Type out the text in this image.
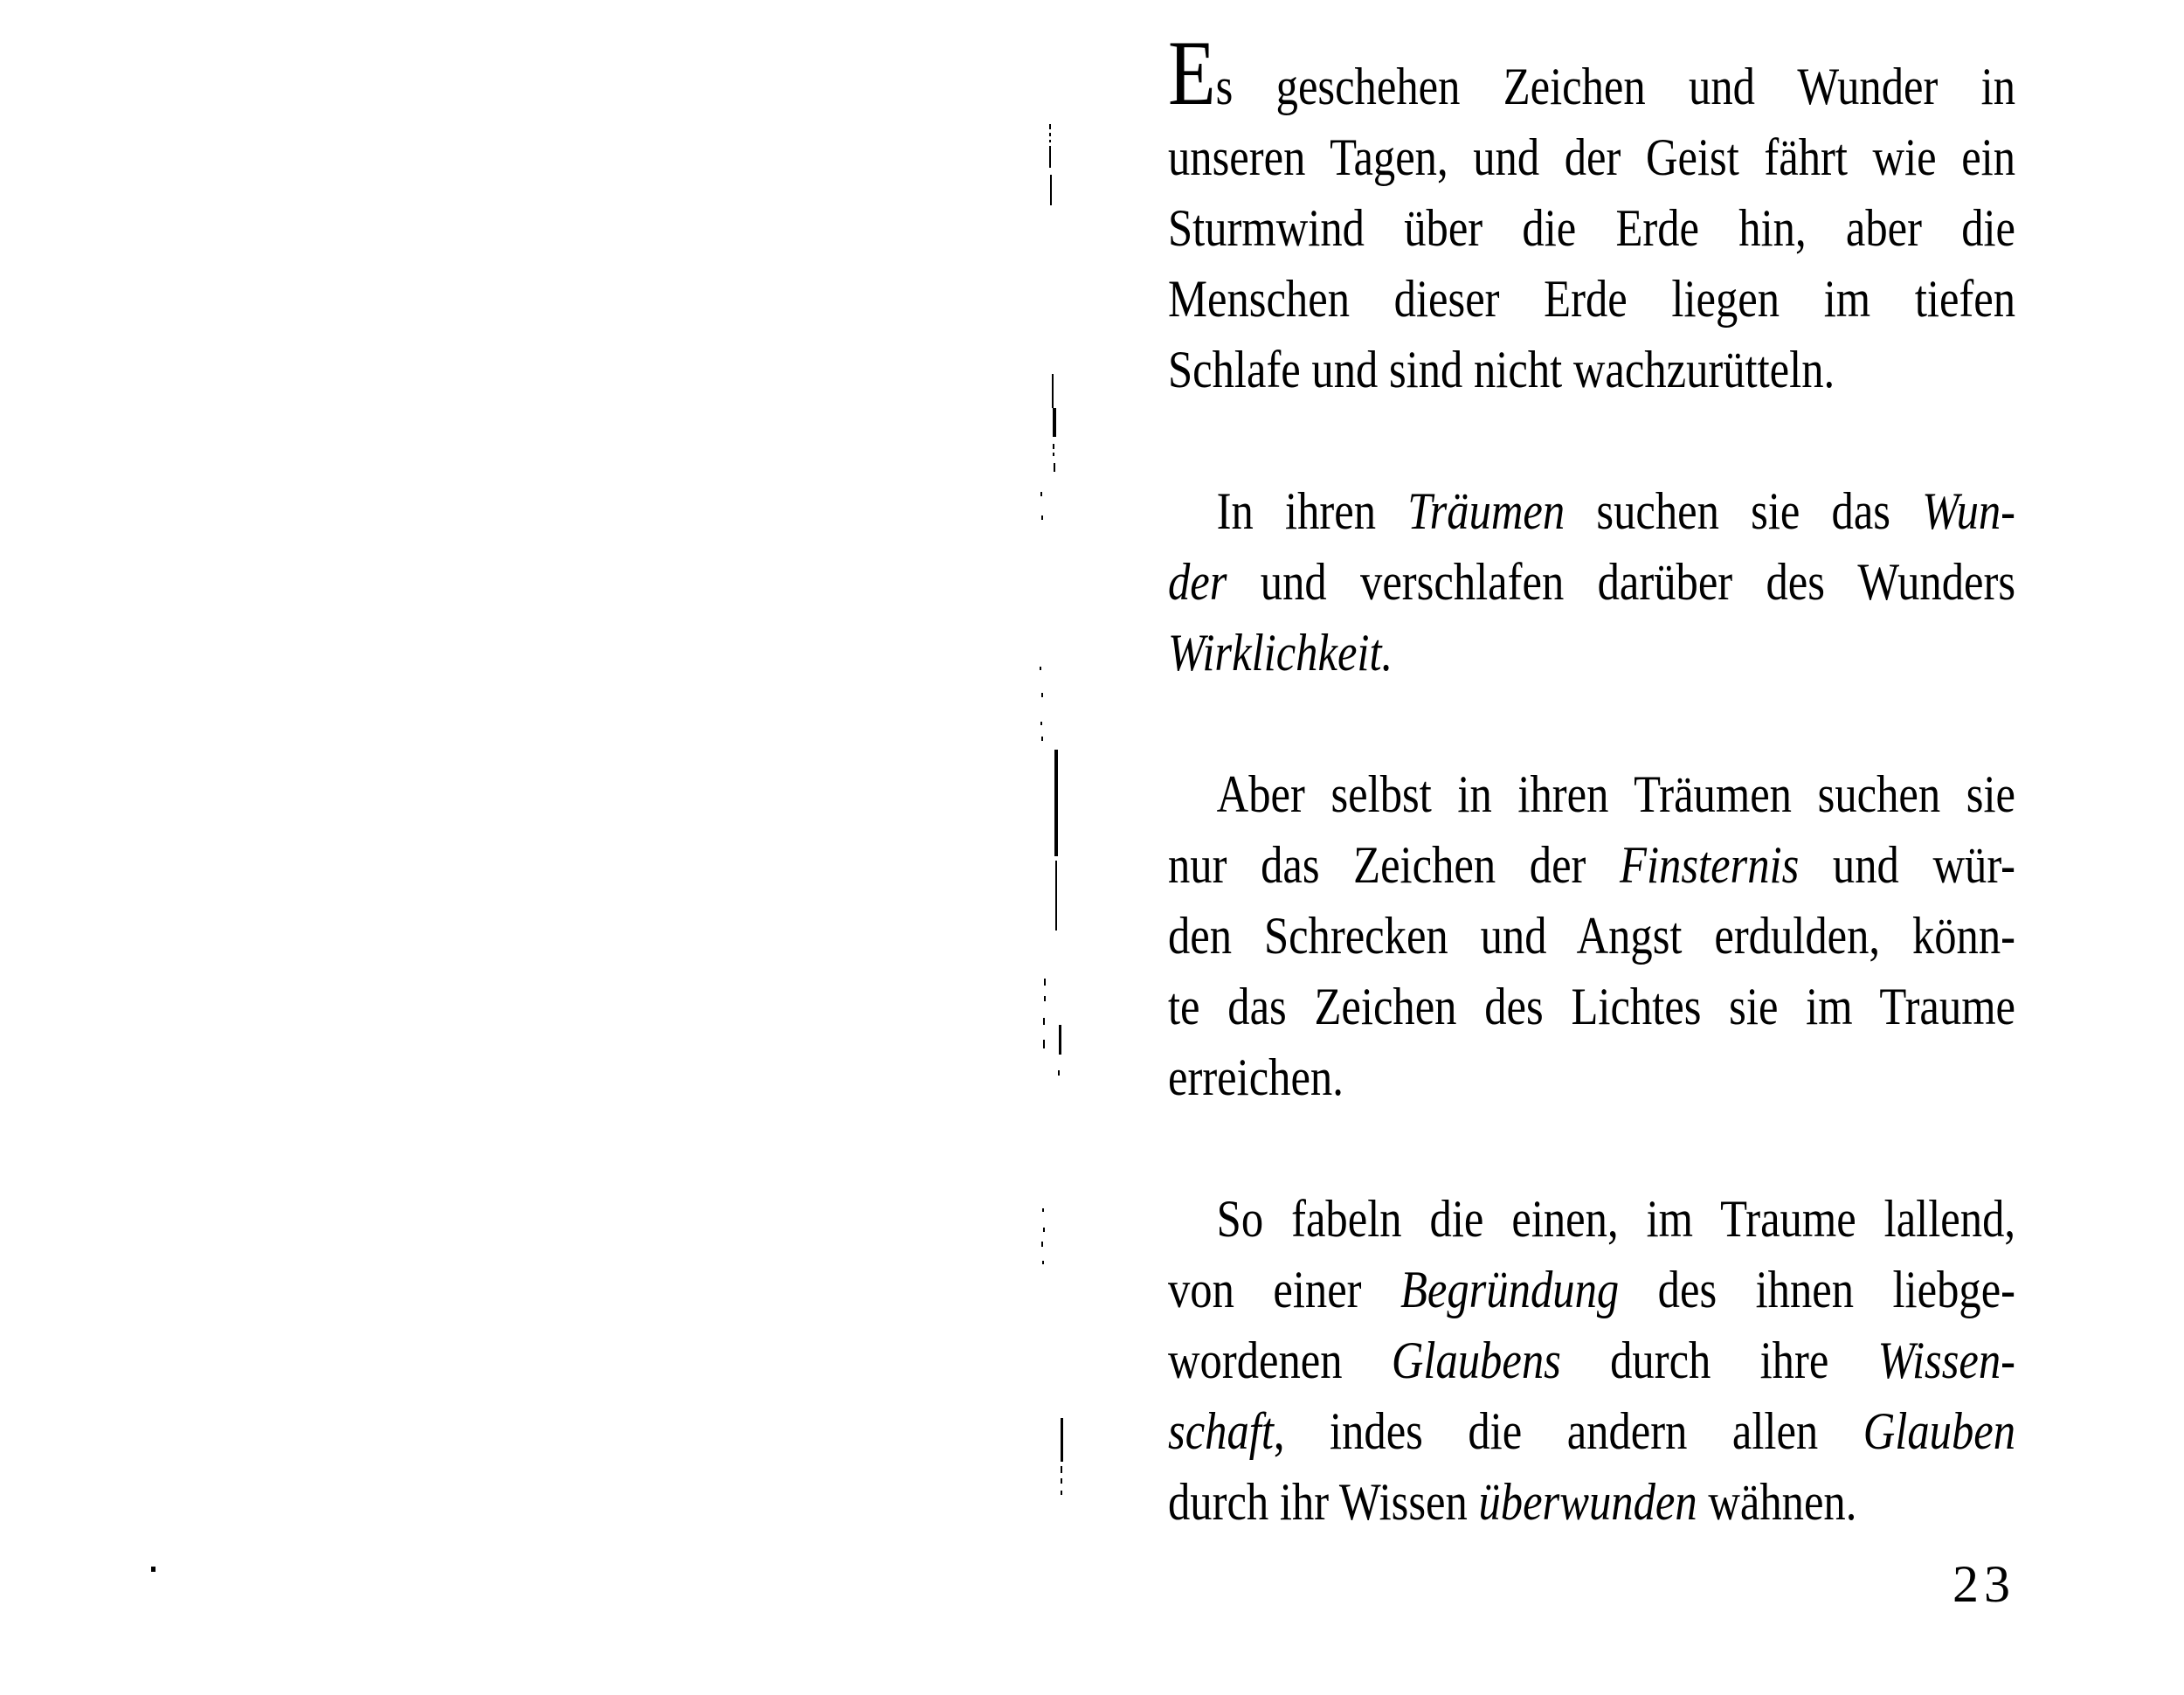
Es geschehen Zeichen und Wunder in
unseren Tagen, und der Geist fährt wie ein
Sturmwind über die Erde hin, aber die
Menschen dieser Erde liegen im tiefen
Schlafe und sind nicht wachzurütteln.
In ihren Träumen suchen sie das Wun-
der und verschlafen darüber des Wunders
Wirklichkeit.
Aber selbst in ihren Träumen suchen sie
nur das Zeichen der Finsternis und wür-
den Schrecken und Angst erdulden, könn-
te das Zeichen des Lichtes sie im Traume
erreichen.
So fabeln die einen, im Traume lallend,
von einer Begründung des ihnen liebge-
wordenen Glaubens durch ihre Wissen-
schaft, indes die andern allen Glauben
durch ihr Wissen überwunden wähnen.
23
